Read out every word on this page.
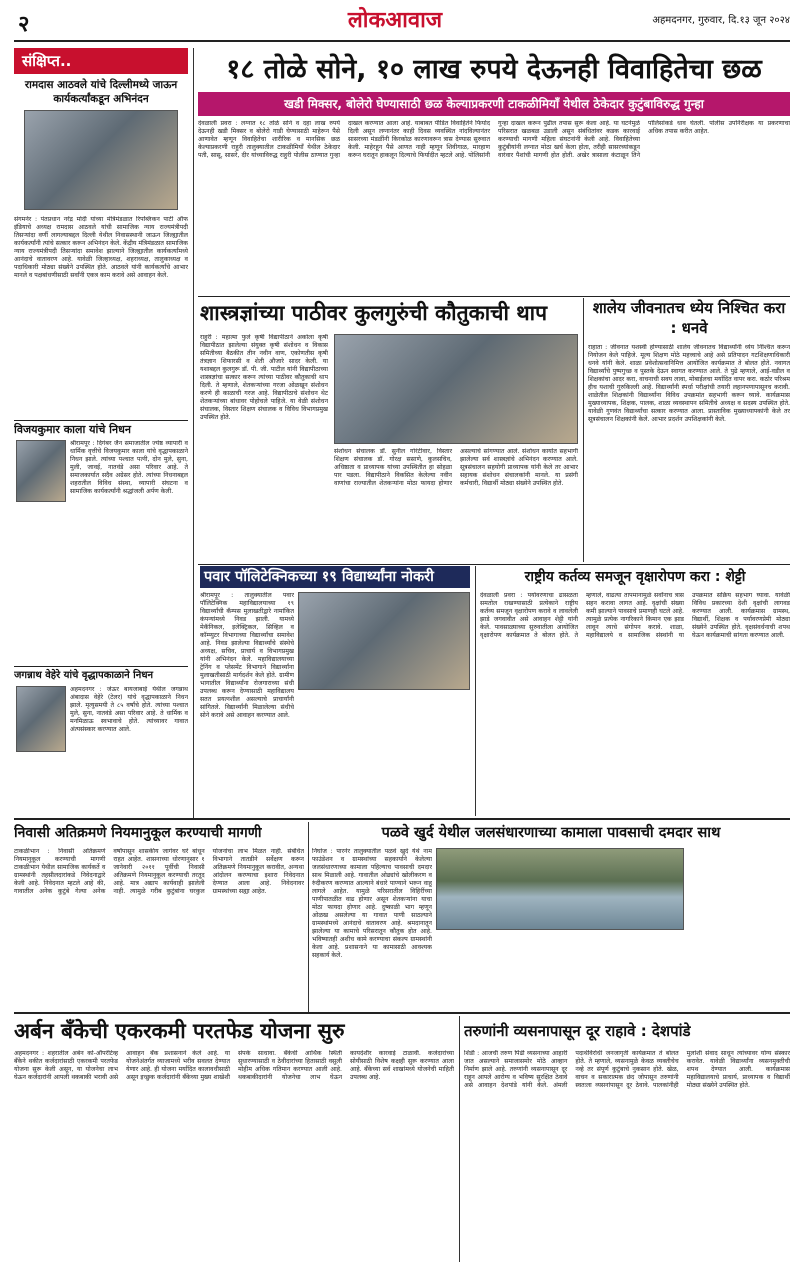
२	लोकआवाज	अहमदनगर, गुरुवार, दि.१३ जून २०२४
संक्षिप्त..
रामदास आठवले यांचे दिल्लीमध्ये जाऊन कार्यकर्त्यांकडून अभिनंदन
संगमनेर : पंतप्रधान नरेंद्र मोदी यांच्या मंत्रिमंडळात रिपब्लिकन पार्टी ऑफ इंडियाचे अध्यक्ष रामदास आठवले यांची सामाजिक न्याय राज्यमंत्रीपदी तिसऱ्यांदा वर्णी लागल्याबद्दल दिल्ली येथील निवासस्थानी जाऊन जिल्ह्यातील कार्यकर्त्यांनी त्यांचे सत्कार करून अभिनंदन केले. केंद्रीय मंत्रिमंडळात सामाजिक न्याय राज्यमंत्रीपदी तिसऱ्यांदा समावेश झाल्याने जिल्ह्यातील कार्यकर्त्यांमध्ये आनंदाचे वातावरण आहे. यावेळी जिल्हाध्यक्ष, शहराध्यक्ष, तालुकाध्यक्ष व पदाधिकारी मोठ्या संख्येने उपस्थित होते. आठवले यांनी कार्यकर्त्यांचे आभार मानले व पक्षबांधणीसाठी सर्वांनी एकत्र काम करावे असे आवाहन केले.
विजयकुमार काला यांचे निधन
श्रीरामपूर : दिगंबर जैन समाजातील ज्येष्ठ व्यापारी व धार्मिक वृत्तीचे विजयकुमार काला यांचे वृद्धापकाळाने निधन झाले. त्यांच्या पश्चात पत्नी, दोन मुले, सुना, मुली, जावई, नातवंडे असा परिवार आहे. ते समाजकार्यात सदैव अग्रेसर होते. त्यांच्या निधनाबद्दल शहरातील विविध संस्था, व्यापारी संघटना व सामाजिक कार्यकर्त्यांनी श्रद्धांजली अर्पण केली.
जगन्नाथ वेहेरे यांचे वृद्धापकाळाने निधन
अहमदनगर : जेऊर बायजाबाई येथील जगन्नाथ अंबादास वेहेरे (टेलर) यांचे वृद्धापकाळाने निधन झाले. मृत्युसमयी ते ८५ वर्षांचे होते. त्यांच्या पश्चात मुले, सुना, नातवंडे असा परिवार आहे. ते धार्मिक व मनमिळाऊ स्वभावाचे होते. त्यांच्यावर गावात अंत्यसंस्कार करण्यात आले.
१८ तोळे सोने, १० लाख रुपये देऊनही विवाहितेचा छळ
खडी मिक्सर, बोलेरो घेण्यासाठी छळ केल्याप्रकरणी टाकळीमियाँ येथील ठेकेदार कुटुंबाविरुद्ध गुन्हा
देवळाली प्रवरा : लग्नात १८ तोळे सोने व दहा लाख रुपये देऊनही खडी मिक्सर व बोलेरो गाडी घेण्यासाठी माहेरून पैसे आणावेत म्हणून विवाहितेचा शारीरिक व मानसिक छळ केल्याप्रकरणी राहुरी तालुक्यातील टाकळीमियाँ येथील ठेकेदार पती, सासू, सासरे, दीर यांच्याविरुद्ध राहुरी पोलीस ठाण्यात गुन्हा दाखल करण्यात आला आहे. याबाबत पीडित विवाहितेने फिर्याद दिली असून लग्नानंतर काही दिवस व्यवस्थित नांदविल्यानंतर सासरच्या मंडळींनी किरकोळ कारणावरून त्रास देण्यास सुरुवात केली. माहेरहून पैसे आणत नाही म्हणून शिवीगाळ, मारहाण करून घरातून हाकलून दिल्याचे फिर्यादीत म्हटले आहे. पोलिसांनी गुन्हा दाखल करून पुढील तपास सुरू केला आहे. या घटनेमुळे परिसरात खळबळ उडाली असून संबंधितांवर कडक कारवाई करण्याची मागणी महिला संघटनांनी केली आहे. विवाहितेच्या कुटुंबीयांनी लग्नात मोठा खर्च केला होता, तरीही सासरच्यांकडून वारंवार पैशांची मागणी होत होती. अखेर त्रासाला कंटाळून तिने पोलिसांकडे धाव घेतली. पोलीस उपनिरीक्षक या प्रकरणाचा अधिक तपास करीत आहेत.
शास्त्रज्ञांच्या पाठीवर कुलगुरुंची कौतुकाची थाप
राहुरी : महात्मा फुले कृषी विद्यापीठाने अकोला कृषी विद्यापीठात झालेल्या संयुक्त कृषी संशोधन व विकास समितीच्या बैठकीत तीन नवीन वाण, एकोणतीस कृषी तंत्रज्ञान शिफारसी व शेती औजारे सादर केली. या यशाबद्दल कुलगुरू डॉ. पी. जी. पाटील यांनी विद्यापीठाच्या शास्त्रज्ञांचा सत्कार करून त्यांच्या पाठीवर कौतुकाची थाप दिली. ते म्हणाले, शेतकऱ्यांच्या गरजा ओळखून संशोधन करणे ही काळाची गरज आहे. विद्यापीठाचे संशोधन थेट शेतकऱ्यांच्या बांधावर पोहोचले पाहिजे. या वेळी संशोधन संचालक, विस्तार शिक्षण संचालक व विविध विभागप्रमुख उपस्थित होते.
संशोधन संचालक डॉ. सुनील गोरंटीवार, विस्तार शिक्षण संचालक डॉ. गोरक्ष ससाणे, कुलसचिव, अधिष्ठाता व प्राध्यापक यांच्या उपस्थितीत हा सोहळा पार पडला. विद्यापीठाने विकसित केलेल्या नवीन वाणांचा राज्यातील शेतकऱ्यांना मोठा फायदा होणार असल्याचे सांगण्यात आले. संशोधन कार्यात सहभागी झालेल्या सर्व शास्त्रज्ञांचे अभिनंदन करण्यात आले. सूत्रसंचालन सहयोगी प्राध्यापक यांनी केले तर आभार सहायक संशोधन संचालकांनी मानले. या प्रसंगी कर्मचारी, विद्यार्थी मोठ्या संख्येने उपस्थित होते.
शालेय जीवनातच ध्येय निश्चित करा : धनवे
राहाता : जीवनात यशस्वी होण्यासाठी शालेय जीवनातच विद्यार्थ्यांनी ध्येय निश्चित करून नियोजन केले पाहिजे. मूल्य शिक्षण मोठे महत्त्वाचे आहे असे प्रतिपादन गटशिक्षणाधिकारी धनवे यांनी केले. शाळा प्रवेशोत्सवानिमित्त आयोजित कार्यक्रमात ते बोलत होते. नवागत विद्यार्थ्यांचे पुष्पगुच्छ व पुस्तके देऊन स्वागत करण्यात आले. ते पुढे म्हणाले, आई-वडील व शिक्षकांचा आदर करा, वाचनाची सवय लावा, मोबाईलचा मर्यादित वापर करा. कठोर परिश्रम हीच यशाची गुरुकिल्ली आहे. विद्यार्थ्यांनी स्पर्धा परीक्षांची तयारी लहानपणापासूनच करावी. शाळेतील शिक्षकांनी विद्यार्थ्यांना विविध उपक्रमांत सहभागी करून घ्यावे. कार्यक्रमास मुख्याध्यापक, शिक्षक, पालक, शाळा व्यवस्थापन समितीचे अध्यक्ष व सदस्य उपस्थित होते. यावेळी गुणवंत विद्यार्थ्यांचा सत्कार करण्यात आला. प्रास्ताविक मुख्याध्यापकांनी केले तर सूत्रसंचालन शिक्षकांनी केले. आभार प्रदर्शन उपशिक्षकांनी केले.
पवार पॉलिटेक्निकच्या १९ विद्यार्थ्यांना नोकरी
श्रीरामपूर : तालुक्यातील पवार पॉलिटेक्निक महाविद्यालयाच्या १९ विद्यार्थ्यांची कॅम्पस मुलाखतीद्वारे नामांकित कंपन्यांमध्ये निवड झाली. यामध्ये मेकॅनिकल, इलेक्ट्रिकल, सिव्हिल व कॉम्प्युटर विभागाच्या विद्यार्थ्यांचा समावेश आहे. निवड झालेल्या विद्यार्थ्यांचे संस्थेचे अध्यक्ष, सचिव, प्राचार्य व विभागप्रमुख यांनी अभिनंदन केले. महाविद्यालयाच्या ट्रेनिंग व प्लेसमेंट विभागाने विद्यार्थ्यांना मुलाखतीसाठी मार्गदर्शन केले होते. ग्रामीण भागातील विद्यार्थ्यांना रोजगाराच्या संधी उपलब्ध करून देण्यासाठी महाविद्यालय सतत प्रयत्नशील असल्याचे प्राचार्यांनी सांगितले. विद्यार्थ्यांनी मिळालेल्या संधीचे सोने करावे असे आवाहन करण्यात आले.
राष्ट्रीय कर्तव्य समजून वृक्षारोपण करा : शेट्टी
देवळाली प्रवरा : पर्यावरणाचा ढासळता समतोल राखण्यासाठी प्रत्येकाने राष्ट्रीय कर्तव्य समजून वृक्षारोपण करावे व लावलेली झाडे जगवावीत असे आवाहन शेट्टी यांनी केले. पावसाळ्याच्या सुरुवातीला आयोजित वृक्षारोपण कार्यक्रमात ते बोलत होते. ते म्हणाले, वाढत्या तापमानामुळे सर्वांनाच त्रास सहन करावा लागत आहे. वृक्षांची संख्या कमी झाल्याने पावसाचे प्रमाणही घटले आहे. त्यामुळे प्रत्येक नागरिकाने किमान एक झाड लावून त्याचे संगोपन करावे. शाळा, महाविद्यालये व सामाजिक संस्थांनी या उपक्रमात सक्रिय सहभाग घ्यावा. यावेळी विविध प्रकारच्या देशी वृक्षांची लागवड करण्यात आली. कार्यक्रमास ग्रामस्थ, विद्यार्थी, शिक्षक व पर्यावरणप्रेमी मोठ्या संख्येने उपस्थित होते. वृक्षसंवर्धनाची शपथ घेऊन कार्यक्रमाची सांगता करण्यात आली.
निवासी अतिक्रमणे नियमानुकूल करण्याची मागणी
टाकळीभान : निवासी अतिक्रमणे नियमानुकूल करण्याची मागणी टाकळीभान येथील सामाजिक कार्यकर्ते व ग्रामस्थांनी तहसीलदारांकडे निवेदनाद्वारे केली आहे. निवेदनात म्हटले आहे की, गावातील अनेक कुटुंबे गेल्या अनेक वर्षांपासून शासकीय जागेवर घरे बांधून राहत आहेत. शासनाच्या धोरणानुसार १ जानेवारी २०११ पूर्वीची निवासी अतिक्रमणे नियमानुकूल करण्याची तरतूद आहे. मात्र अद्याप कार्यवाही झालेली नाही. त्यामुळे गरीब कुटुंबांना घरकुल योजनांचा लाभ मिळत नाही. संबंधित विभागाने तातडीने सर्वेक्षण करून अतिक्रमणे नियमानुकूल करावीत, अन्यथा आंदोलन करण्याचा इशारा निवेदनात देण्यात आला आहे. निवेदनावर ग्रामस्थांच्या सह्या आहेत.
पळवे खुर्द येथील जलसंधारणाच्या कामाला पावसाची दमदार साथ
निघोज : पारनेर तालुक्यातील पळवे खुर्द येथे नाम फाउंडेशन व ग्रामस्थांच्या सहकार्याने केलेल्या जलसंधारणाच्या कामाला पहिल्याच पावसाची दमदार साथ मिळाली आहे. गावातील ओढ्यांचे खोलीकरण व रुंदीकरण करण्यात आल्याने बंधारे पाण्याने भरून वाहू लागले आहेत. यामुळे परिसरातील विहिरींच्या पाणीपातळीत वाढ होणार असून शेतकऱ्यांना याचा मोठा फायदा होणार आहे. दुष्काळी भाग म्हणून ओळख असलेल्या या गावात पाणी साठल्याने ग्रामस्थांमध्ये आनंदाचे वातावरण आहे. श्रमदानातून झालेल्या या कामाचे परिसरातून कौतुक होत आहे. भविष्यातही अशीच कामे करण्याचा संकल्प ग्रामस्थांनी केला आहे. प्रशासनाने या कामासाठी आवश्यक सहकार्य केले.
अर्बन बँकेची एकरकमी परतफेड योजना सुरु
अहमदनगर : शहरातील अर्बन को-ऑपरेटिव्ह बँकेने थकीत कर्जदारांसाठी एकरकमी परतफेड योजना सुरू केली असून, या योजनेचा लाभ घेऊन कर्जदारांनी आपली थकबाकी भरावी असे आवाहन बँक प्रशासनाने केले आहे. या योजनेअंतर्गत व्याजामध्ये भरीव सवलत देण्यात येणार आहे. ही योजना मर्यादित कालावधीसाठी असून इच्छुक कर्जदारांनी बँकेच्या मुख्य शाखेशी संपर्क साधावा. बँकेची आर्थिक स्थिती सुधारण्यासाठी व ठेवीदारांच्या हितासाठी वसुली मोहीम अधिक गतिमान करण्यात आली आहे. थकबाकीदारांनी योजनेचा लाभ घेऊन कायदेशीर कारवाई टाळावी. कर्जदारांच्या सोयीसाठी विशेष कक्षही सुरू करण्यात आला आहे. बँकेच्या सर्व शाखांमध्ये योजनेची माहिती उपलब्ध आहे.
तरुणांनी व्यसनापासून दूर राहावे : देशपांडे
शिर्डी : आजची तरुण पिढी व्यसनाच्या आहारी जात असल्याने समाजासमोर मोठे आव्हान निर्माण झाले आहे. तरुणांनी व्यसनापासून दूर राहून आपले आरोग्य व भविष्य सुरक्षित ठेवावे असे आवाहन देशपांडे यांनी केले. अंमली पदार्थविरोधी जनजागृती कार्यक्रमात ते बोलत होते. ते म्हणाले, व्यसनामुळे केवळ व्यक्तीचेच नव्हे तर संपूर्ण कुटुंबाचे नुकसान होते. खेळ, वाचन व सकारात्मक छंद जोपासून तरुणांनी स्वतःला व्यसनांपासून दूर ठेवावे. पालकांनीही मुलांशी संवाद साधून त्यांच्यावर योग्य संस्कार करावेत. यावेळी विद्यार्थ्यांना व्यसनमुक्तीची शपथ देण्यात आली. कार्यक्रमास महाविद्यालयाचे प्राचार्य, प्राध्यापक व विद्यार्थी मोठ्या संख्येने उपस्थित होते.
